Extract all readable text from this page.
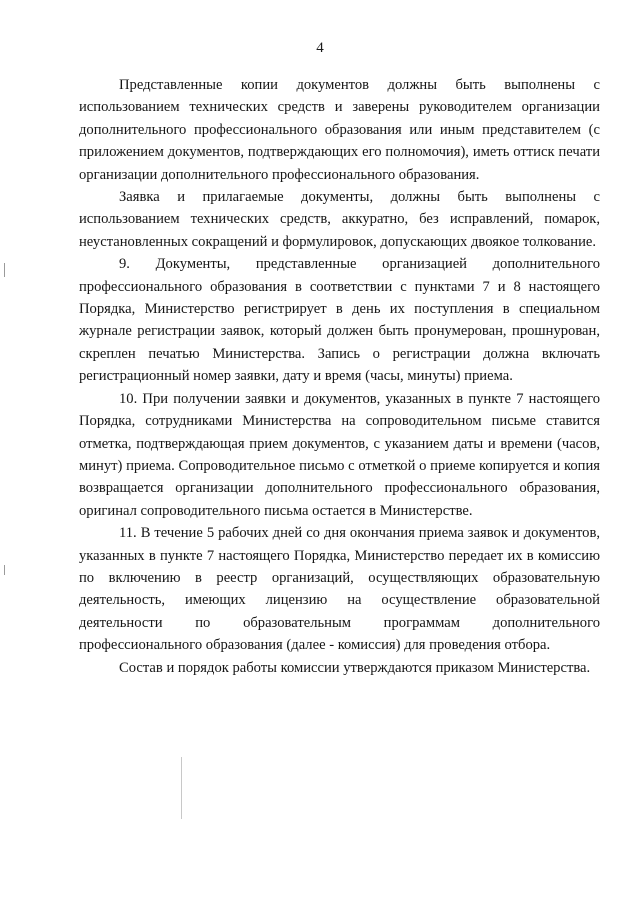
4

Представленные копии документов должны быть выполнены с использованием технических средств и заверены руководителем организации дополнительного профессионального образования или иным представителем (с приложением документов, подтверждающих его полномочия), иметь оттиск печати организации дополнительного профессионального образования.

Заявка и прилагаемые документы, должны быть выполнены с использованием технических средств, аккуратно, без исправлений, помарок, неустановленных сокращений и формулировок, допускающих двоякое толкование.

9. Документы, представленные организацией дополнительного профессионального образования в соответствии с пунктами 7 и 8 настоящего Порядка, Министерство регистрирует в день их поступления в специальном журнале регистрации заявок, который должен быть пронумерован, прошнурован, скреплен печатью Министерства. Запись о регистрации должна включать регистрационный номер заявки, дату и время (часы, минуты) приема.

10. При получении заявки и документов, указанных в пункте 7 настоящего Порядка, сотрудниками Министерства на сопроводительном письме ставится отметка, подтверждающая прием документов, с указанием даты и времени (часов, минут) приема. Сопроводительное письмо с отметкой о приеме копируется и копия возвращается организации дополнительного профессионального образования, оригинал сопроводительного письма остается в Министерстве.

11. В течение 5 рабочих дней со дня окончания приема заявок и документов, указанных в пункте 7 настоящего Порядка, Министерство передает их в комиссию по включению в реестр организаций, осуществляющих образовательную деятельность, имеющих лицензию на осуществление образовательной деятельности по образовательным программам дополнительного профессионального образования (далее - комиссия) для проведения отбора.

Состав и порядок работы комиссии утверждаются приказом Министерства.
